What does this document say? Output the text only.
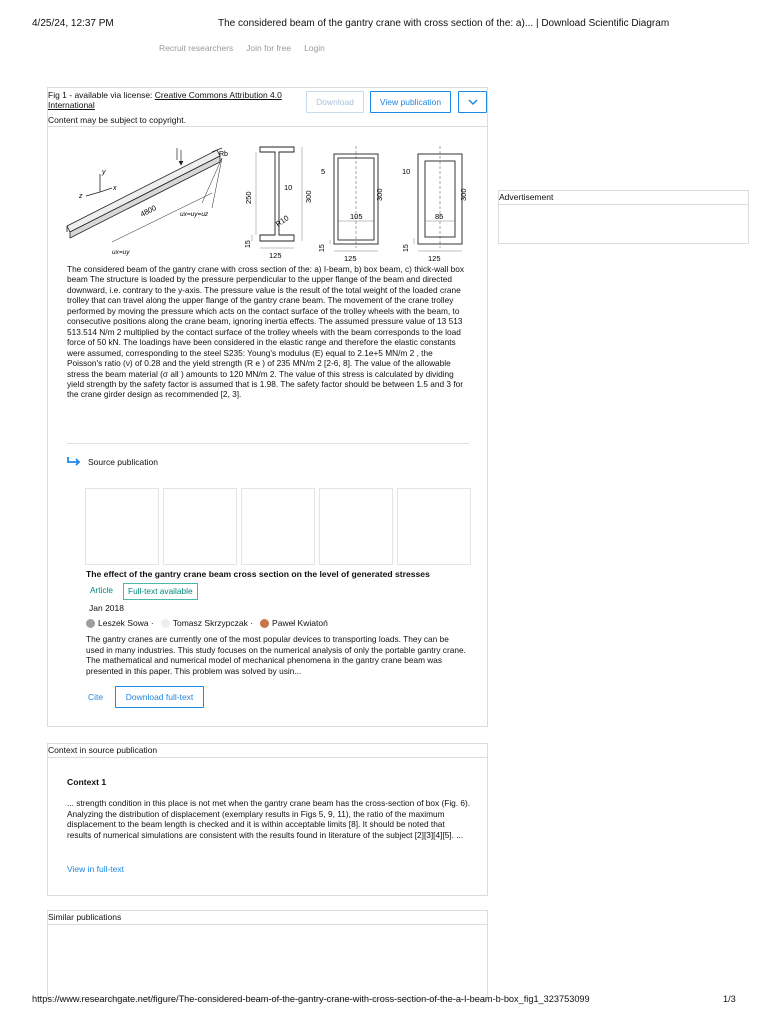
4/25/24, 12:37 PM	The considered beam of the gantry crane with cross section of the: a)... | Download Scientific Diagram
Recruit researchers Join for free Login
Fig 1 - available via license: Creative Commons Attribution 4.0
International
Content may be subject to copyright.
Download	View publication
y
x
z
4800
Rb
ux=uy=uz
ux=uy
250
10
300
R10
15
125
5
300
105
15
125
10
300
85
15
125
The considered beam of the gantry crane with cross section of the: a) I-beam, b) box beam, c) thick-wall box beam The structure is loaded by the pressure perpendicular to the upper flange of the beam and directed downward, i.e. contrary to the y-axis. The pressure value is the result of the total weight of the loaded crane trolley that can travel along the upper flange of the gantry crane beam. The movement of the crane trolley performed by moving the pressure which acts on the contact surface of the trolley wheels with the beam, to consecutive positions along the crane beam, ignoring inertia effects. The assumed pressure value of 13 513 513.514 N/m 2 multiplied by the contact surface of the trolley wheels with the beam corresponds to the load force of 50 kN. The loadings have been considered in the elastic range and therefore the elastic constants were assumed, corresponding to the steel S235: Young's modulus (E) equal to 2.1e+5 MN/m 2 , the Poisson's ratio (ν) of 0.28 and the yield strength (R e ) of 235 MN/m 2 [2-6, 8]. The value of the allowable stress the beam material (σ all ) amounts to 120 MN/m 2. The value of this stress is calculated by dividing yield strength by the safety factor is assumed that is 1.98. The safety factor should be between 1.5 and 3 for the crane girder design as recommended [2, 3].
Source publication
The effect of the gantry crane beam cross section on the level of generated stresses
Article	Full-text available
Jan 2018
Leszek Sowa · Tomasz Skrzypczak · Paweł Kwiatoń
The gantry cranes are currently one of the most popular devices to transporting loads. They can be used in many industries. This study focuses on the numerical analysis of only the portable gantry crane. The mathematical and numerical model of mechanical phenomena in the gantry crane beam was presented in this paper. This problem was solved by usin...
Cite	Download full-text
Context in source publication
Context 1
... strength condition in this place is not met when the gantry crane beam has the cross-section of box (Fig. 6). Analyzing the distribution of displacement (exemplary results in Figs 5, 9, 11), the ratio of the maximum displacement to the beam length is checked and it is within acceptable limits [8]. It should be noted that results of numerical simulations are consistent with the results found in literature of the subject [2][3][4][5]. ...
View in full-text
Similar publications
Advertisement
https://www.researchgate.net/figure/The-considered-beam-of-the-gantry-crane-with-cross-section-of-the-a-I-beam-b-box_fig1_323753099	1/3
